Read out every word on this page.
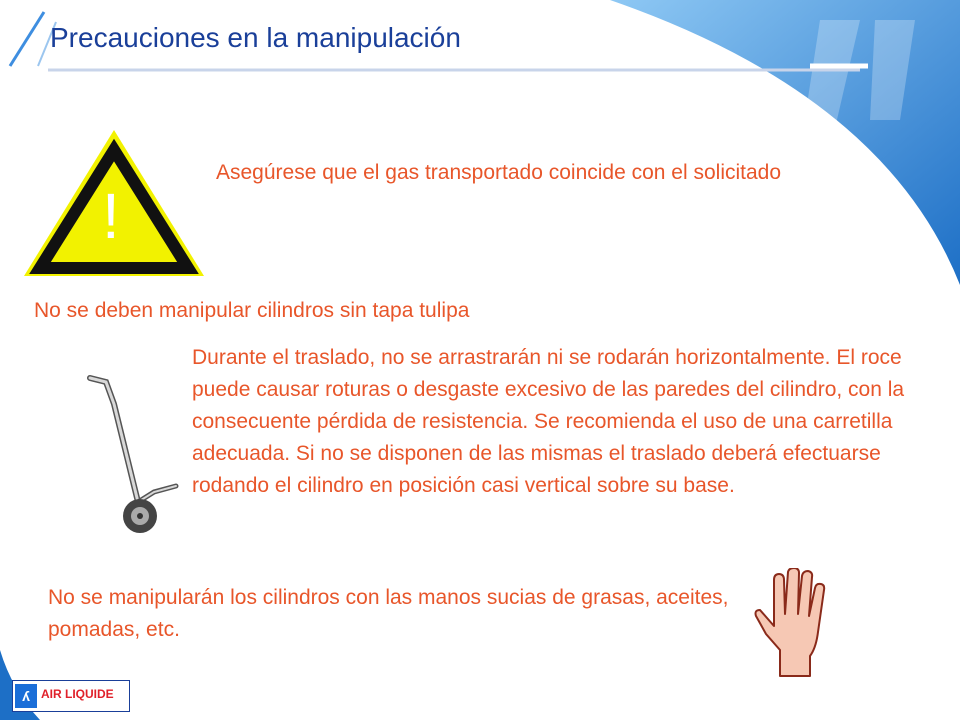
Precauciones en la manipulación
!
Asegúrese que el gas transportado coincide con el solicitado
No se deben manipular cilindros sin tapa tulipa
Durante el traslado, no se arrastrarán ni se rodarán horizontalmente. El roce puede causar roturas o desgaste excesivo de las paredes del cilindro, con la consecuente pérdida de resistencia. Se recomienda el uso de una carretilla adecuada. Si no se disponen de las mismas el traslado deberá efectuarse rodando el cilindro en posición casi vertical sobre su base.
No se manipularán los cilindros con las manos sucias de grasas, aceites, pomadas, etc.
ʎ AIR LIQUIDE
